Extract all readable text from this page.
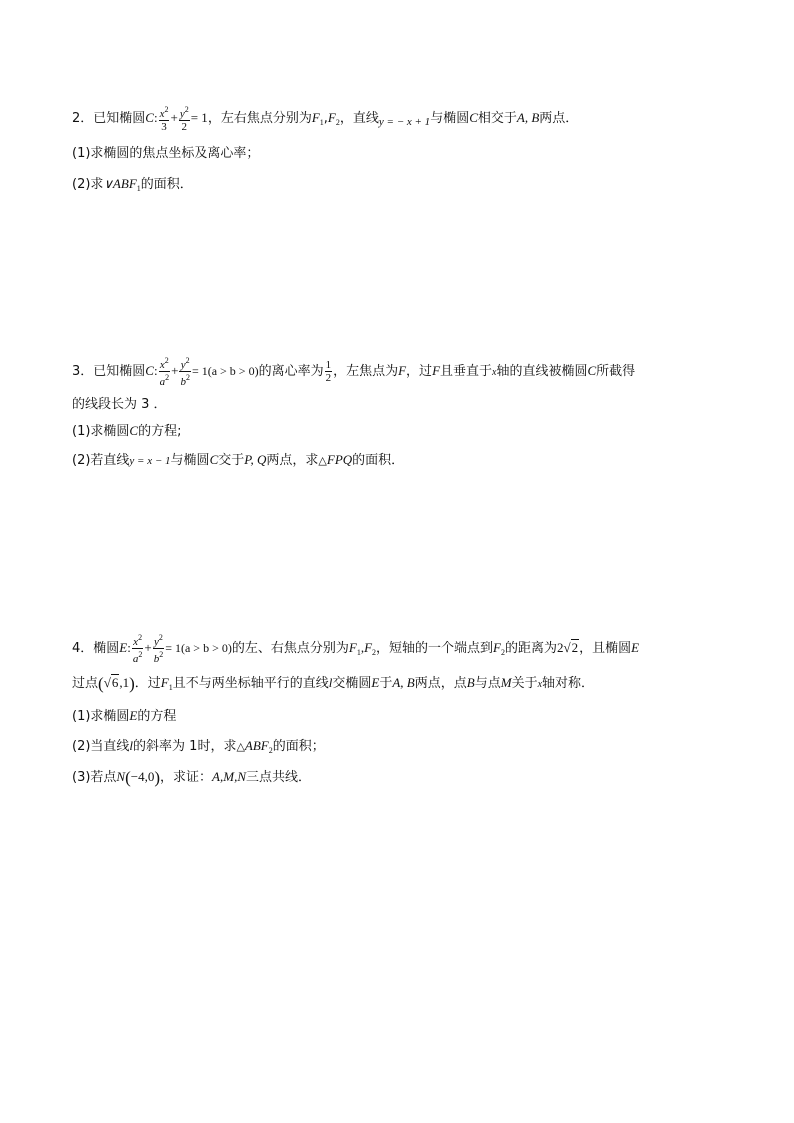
2．已知椭圆C: $\frac{x^2}{3} + \frac{y^2}{2} = 1$，左右焦点分别为$F_1,F_2$，直线$_{y = - x + 1}$与椭圆C相交于A, B两点．
(1)求椭圆的焦点坐标及离心率；
(2)求$\vee ABF_1$的面积．
3．已知椭圆C: $\frac{x^2}{a^2} + \frac{y^2}{b^2} = 1(a > b > 0)$的离心率为 $\frac{1}{2}$ ，左焦点为F，过F且垂直于x轴的直线被椭圆C所截得
的线段长为 3 ．
(1)求椭圆C的方程;
(2)若直线y = x − 1与椭圆C交于P, Q两点，求△FPQ的面积．
4．椭圆E: $\frac{x^2}{a^2} + \frac{y^2}{b^2} = 1(a > b > 0)$的左、右焦点分别为$F_1,F_2$，短轴的一个端点到$F_2$的距离为2√2，且椭圆E
过点(√6,1)．过$F_1$且不与两坐标轴平行的直线l交椭圆E于A, B两点，点B与点M关于x轴对称．
(1)求椭圆E的方程
(2)当直线l的斜率为 1时，求$\triangle ABF_2$的面积；
(3)若点N(−4,0)，求证：A,M,N三点共线．
